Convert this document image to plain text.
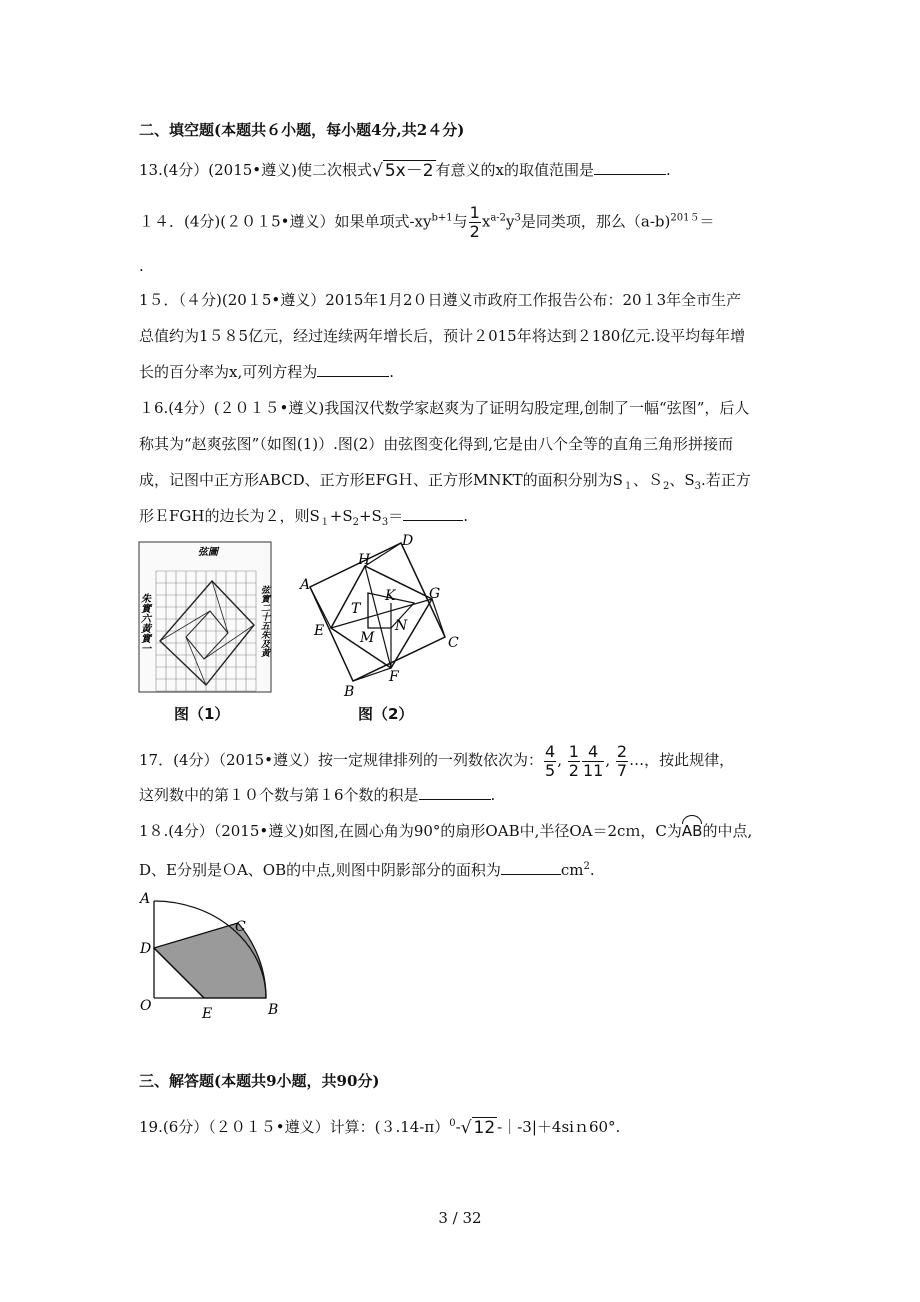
二、填空题(本题共６小题，每小题4分,共2４分)
13.(4分）(2015•遵义)使二次根式√ 5x－2 有意义的x的取值范围是	.
１４．(4分)(２０１5•遵义）如果单项式$-xy^{b+1}$与 $\frac{1}{2} x^{a-2}y^3$是同类项，那么（a-b)$^{2015}$＝
.
1５．（４分)(20１5•遵义）2015年1月2０日遵义市政府工作报告公布：20１3年全市生产
总值约为1５８5亿元，经过连续两年增长后，预计２015年将达到２180亿元.设平均每年增
长的百分率为x,可列方程为	.
１6.(4分）(２０１５•遵义)我国汉代数学家赵爽为了证明勾股定理,创制了一幅“弦图”，后人
称其为“赵爽弦图”（如图(1)）.图(2）由弦图变化得到,它是由八个全等的直角三角形拼接而
成，记图中正方形ABCD、正方形EFGＨ、正方形MNKT的面积分别为$S_1$、Ｓ$_2$、$S_3$.若正方
形ＥFGH的边长为２，则$S_1+S_2+S_3=$	.
弦圖
朱實六黃實一	弦實二十五朱及黃
图（1）
H
D
A
G
T
K
E	N
M	C
F
B
图（2）
17．(4分）（2015•遵义）按一定规律排列的一列数依次为： $\frac{4}{5}$ , $\frac{1}{2} \frac{4}{11}$ , $\frac{2}{7}$ …，按此规律，
这列数中的第１０个数与第１6个数的积是	.
1８.(4分）（2015•遵义)如图,在圆心角为90°的扇形OAB中,半径OA＝2cｍ，C为AB的中点,
D、E分别是ＯA、OB的中点,则图中阴影部分的面积为	$cm^2$.
A
C
D
O	E	B
三、解答题(本题共9小题，共90分)
19.(6分）（２０１５•遵义）计算：(３.14-π）$^0$-√ 12 -｜-3|＋4siｎ60°.
3 / 32
